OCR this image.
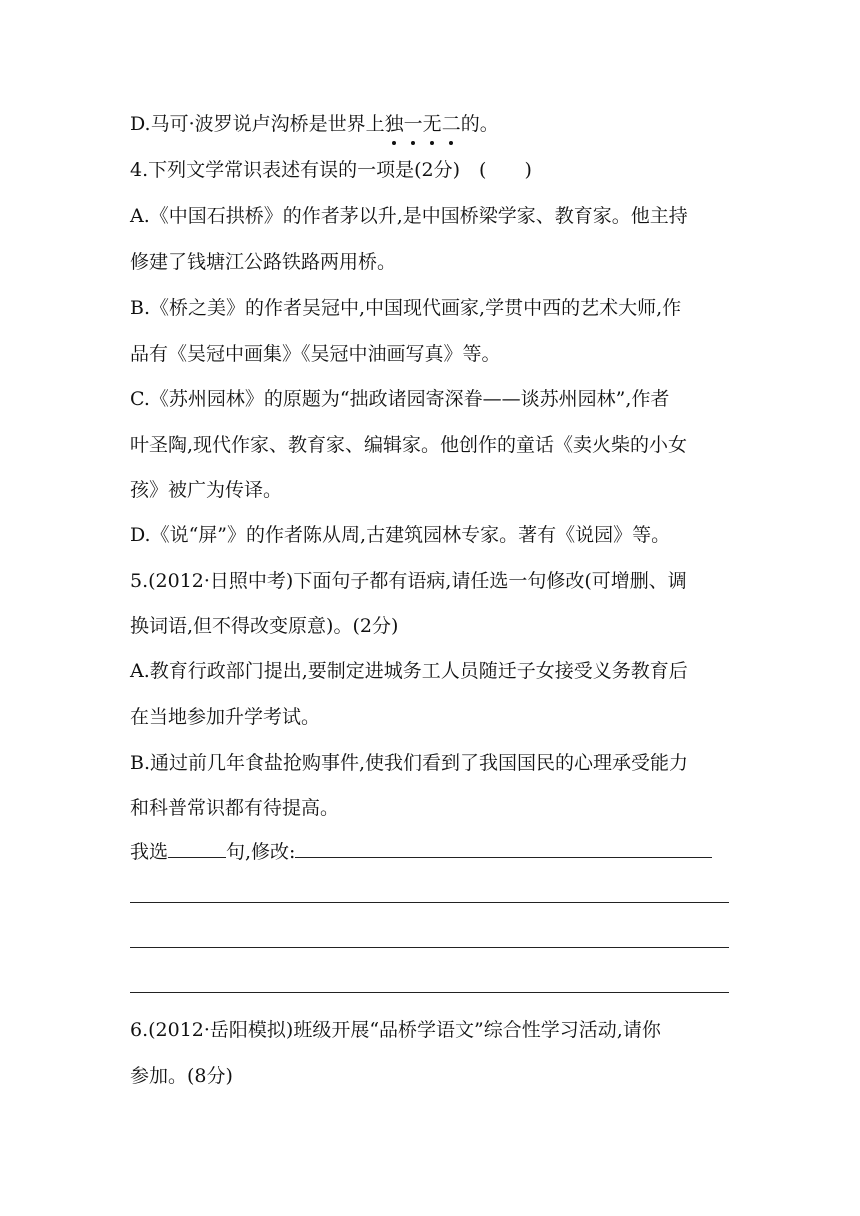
D.马可·波罗说卢沟桥是世界上独一无二的。
4.下列文学常识表述有误的一项是(2分)　(　　)
A.《中国石拱桥》的作者茅以升,是中国桥梁学家、教育家。他主持
修建了钱塘江公路铁路两用桥。
B.《桥之美》的作者吴冠中,中国现代画家,学贯中西的艺术大师,作
品有《吴冠中画集》《吴冠中油画写真》等。
C.《苏州园林》的原题为“拙政诸园寄深眷——谈苏州园林”,作者
叶圣陶,现代作家、教育家、编辑家。他创作的童话《卖火柴的小女
孩》被广为传译。
D.《说“屏”》的作者陈从周,古建筑园林专家。著有《说园》等。
5.(2012·日照中考)下面句子都有语病,请任选一句修改(可增删、调
换词语,但不得改变原意)。(2分)
A.教育行政部门提出,要制定进城务工人员随迁子女接受义务教育后
在当地参加升学考试。
B.通过前几年食盐抢购事件,使我们看到了我国国民的心理承受能力
和科普常识都有待提高。
我选	句,修改:
6.(2012·岳阳模拟)班级开展“品桥学语文”综合性学习活动,请你
参加。(8分)
